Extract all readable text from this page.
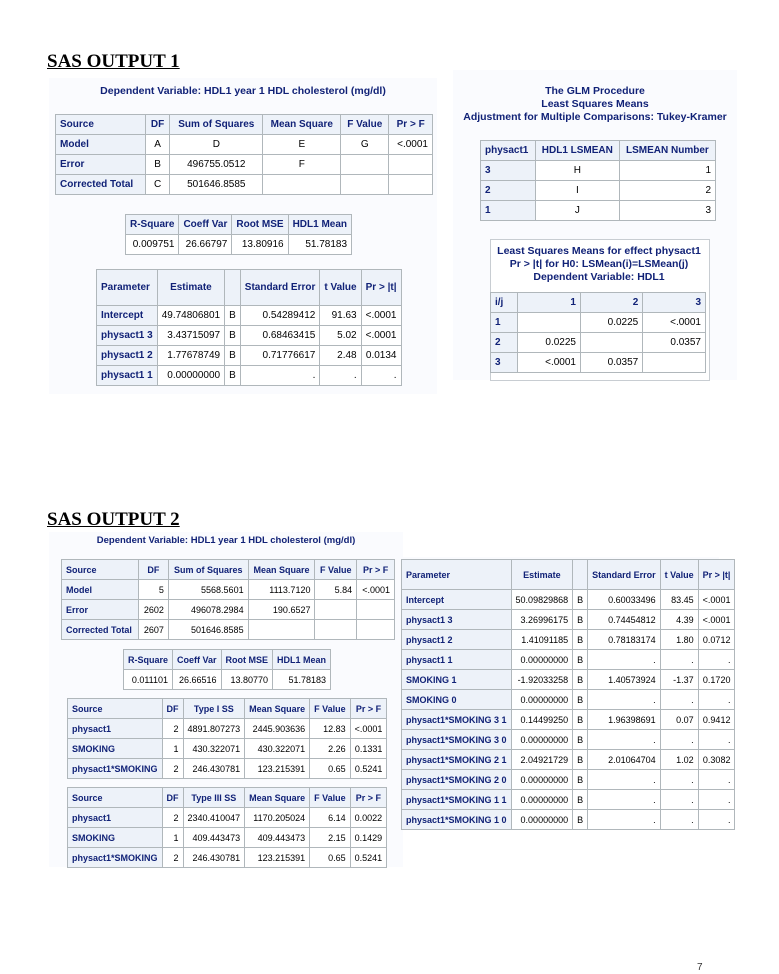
SAS OUTPUT 1
Dependent Variable: HDL1 year 1 HDL cholesterol (mg/dl)
Source	DF	Sum of Squares	Mean Square	F Value	Pr > F
Model	A	D	E	G	<.0001
Error	B	496755.0512	F		
Corrected Total	C	501646.8585			
R-Square	Coeff Var	Root MSE	HDL1 Mean
0.009751	26.66797	13.80916	51.78183
Parameter	Estimate		Standard Error	t Value	Pr > |t|
Intercept	49.74806801	B	0.54289412	91.63	<.0001
physact1 3	3.43715097	B	0.68463415	5.02	<.0001
physact1 2	1.77678749	B	0.71776617	2.48	0.0134
physact1 1	0.00000000	B	.	.	.
The GLM Procedure
Least Squares Means
Adjustment for Multiple Comparisons: Tukey-Kramer
physact1	HDL1 LSMEAN	LSMEAN Number
3	H	1
2	I	2
1	J	3
Least Squares Means for effect physact1
Pr > |t| for H0: LSMean(i)=LSMean(j)
Dependent Variable: HDL1
i/j	1	2	3
1		0.0225	<.0001
2	0.0225		0.0357
3	<.0001	0.0357	
SAS OUTPUT 2
Dependent Variable: HDL1 year 1 HDL cholesterol (mg/dl)
Source	DF	Sum of Squares	Mean Square	F Value	Pr > F
Model	5	5568.5601	1113.7120	5.84	<.0001
Error	2602	496078.2984	190.6527		
Corrected Total	2607	501646.8585			
R-Square	Coeff Var	Root MSE	HDL1 Mean
0.011101	26.66516	13.80770	51.78183
Source	DF	Type I SS	Mean Square	F Value	Pr > F
physact1	2	4891.807273	2445.903636	12.83	<.0001
SMOKING	1	430.322071	430.322071	2.26	0.1331
physact1*SMOKING	2	246.430781	123.215391	0.65	0.5241
Source	DF	Type III SS	Mean Square	F Value	Pr > F
physact1	2	2340.410047	1170.205024	6.14	0.0022
SMOKING	1	409.443473	409.443473	2.15	0.1429
physact1*SMOKING	2	246.430781	123.215391	0.65	0.5241
Parameter	Estimate		Standard Error	t Value	Pr > |t|
Intercept	50.09829868	B	0.60033496	83.45	<.0001
physact1 3	3.26996175	B	0.74454812	4.39	<.0001
physact1 2	1.41091185	B	0.78183174	1.80	0.0712
physact1 1	0.00000000	B	.	.	.
SMOKING 1	-1.92033258	B	1.40573924	-1.37	0.1720
SMOKING 0	0.00000000	B	.	.	.
physact1*SMOKING 3 1	0.14499250	B	1.96398691	0.07	0.9412
physact1*SMOKING 3 0	0.00000000	B	.	.	.
physact1*SMOKING 2 1	2.04921729	B	2.01064704	1.02	0.3082
physact1*SMOKING 2 0	0.00000000	B	.	.	.
physact1*SMOKING 1 1	0.00000000	B	.	.	.
physact1*SMOKING 1 0	0.00000000	B	.	.	.
7
